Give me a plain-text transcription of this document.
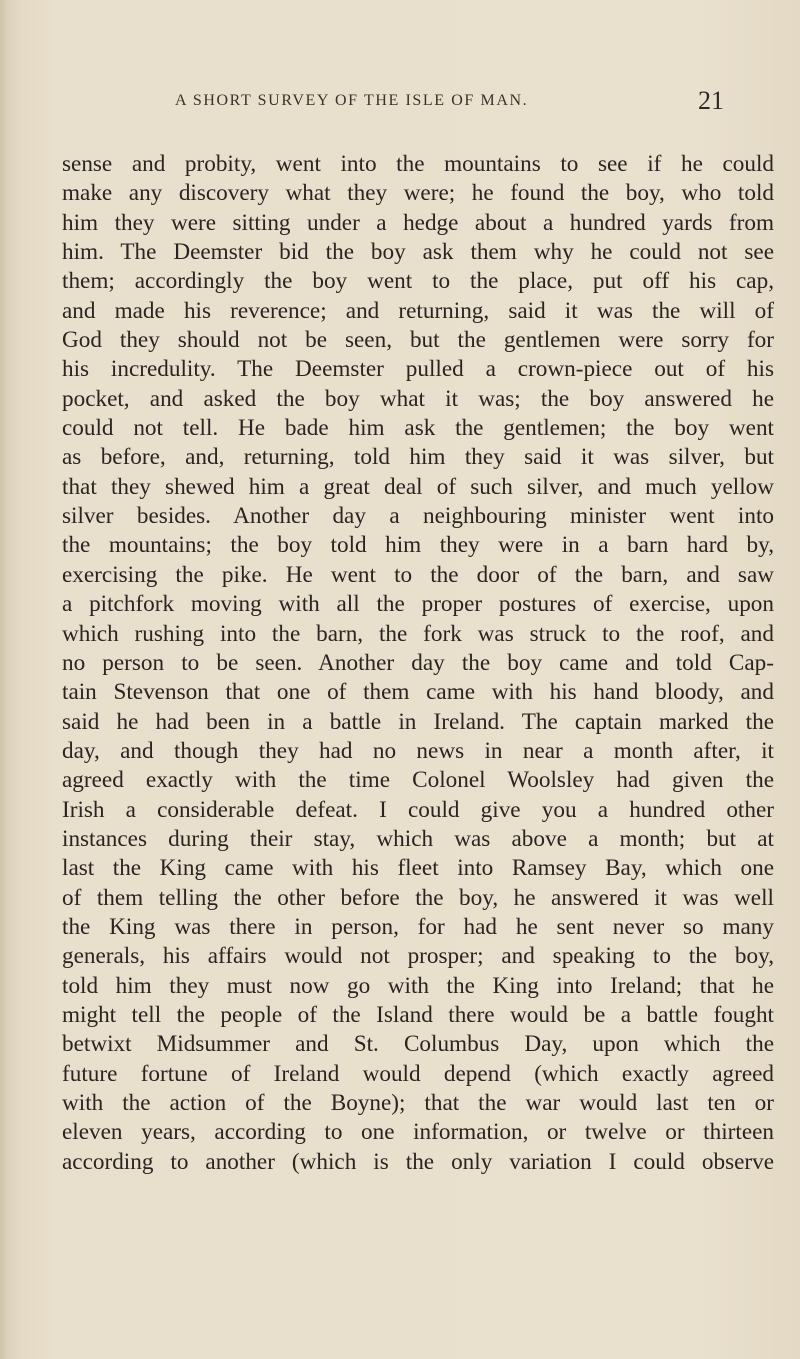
A SHORT SURVEY OF THE ISLE OF MAN.	21
sense and probity, went into the mountains to see if he could
make any discovery what they were; he found the boy, who told
him they were sitting under a hedge about a hundred yards from
him. The Deemster bid the boy ask them why he could not see
them; accordingly the boy went to the place, put off his cap,
and made his reverence; and returning, said it was the will of
God they should not be seen, but the gentlemen were sorry for
his incredulity. The Deemster pulled a crown-piece out of his
pocket, and asked the boy what it was; the boy answered he
could not tell. He bade him ask the gentlemen; the boy went
as before, and, returning, told him they said it was silver, but
that they shewed him a great deal of such silver, and much yellow
silver besides. Another day a neighbouring minister went into
the mountains; the boy told him they were in a barn hard by,
exercising the pike. He went to the door of the barn, and saw
a pitchfork moving with all the proper postures of exercise, upon
which rushing into the barn, the fork was struck to the roof, and
no person to be seen. Another day the boy came and told Cap-
tain Stevenson that one of them came with his hand bloody, and
said he had been in a battle in Ireland. The captain marked the
day, and though they had no news in near a month after, it
agreed exactly with the time Colonel Woolsley had given the
Irish a considerable defeat. I could give you a hundred other
instances during their stay, which was above a month; but at
last the King came with his fleet into Ramsey Bay, which one
of them telling the other before the boy, he answered it was well
the King was there in person, for had he sent never so many
generals, his affairs would not prosper; and speaking to the boy,
told him they must now go with the King into Ireland; that he
might tell the people of the Island there would be a battle fought
betwixt Midsummer and St. Columbus Day, upon which the
future fortune of Ireland would depend (which exactly agreed
with the action of the Boyne); that the war would last ten or
eleven years, according to one information, or twelve or thirteen
according to another (which is the only variation I could observe
